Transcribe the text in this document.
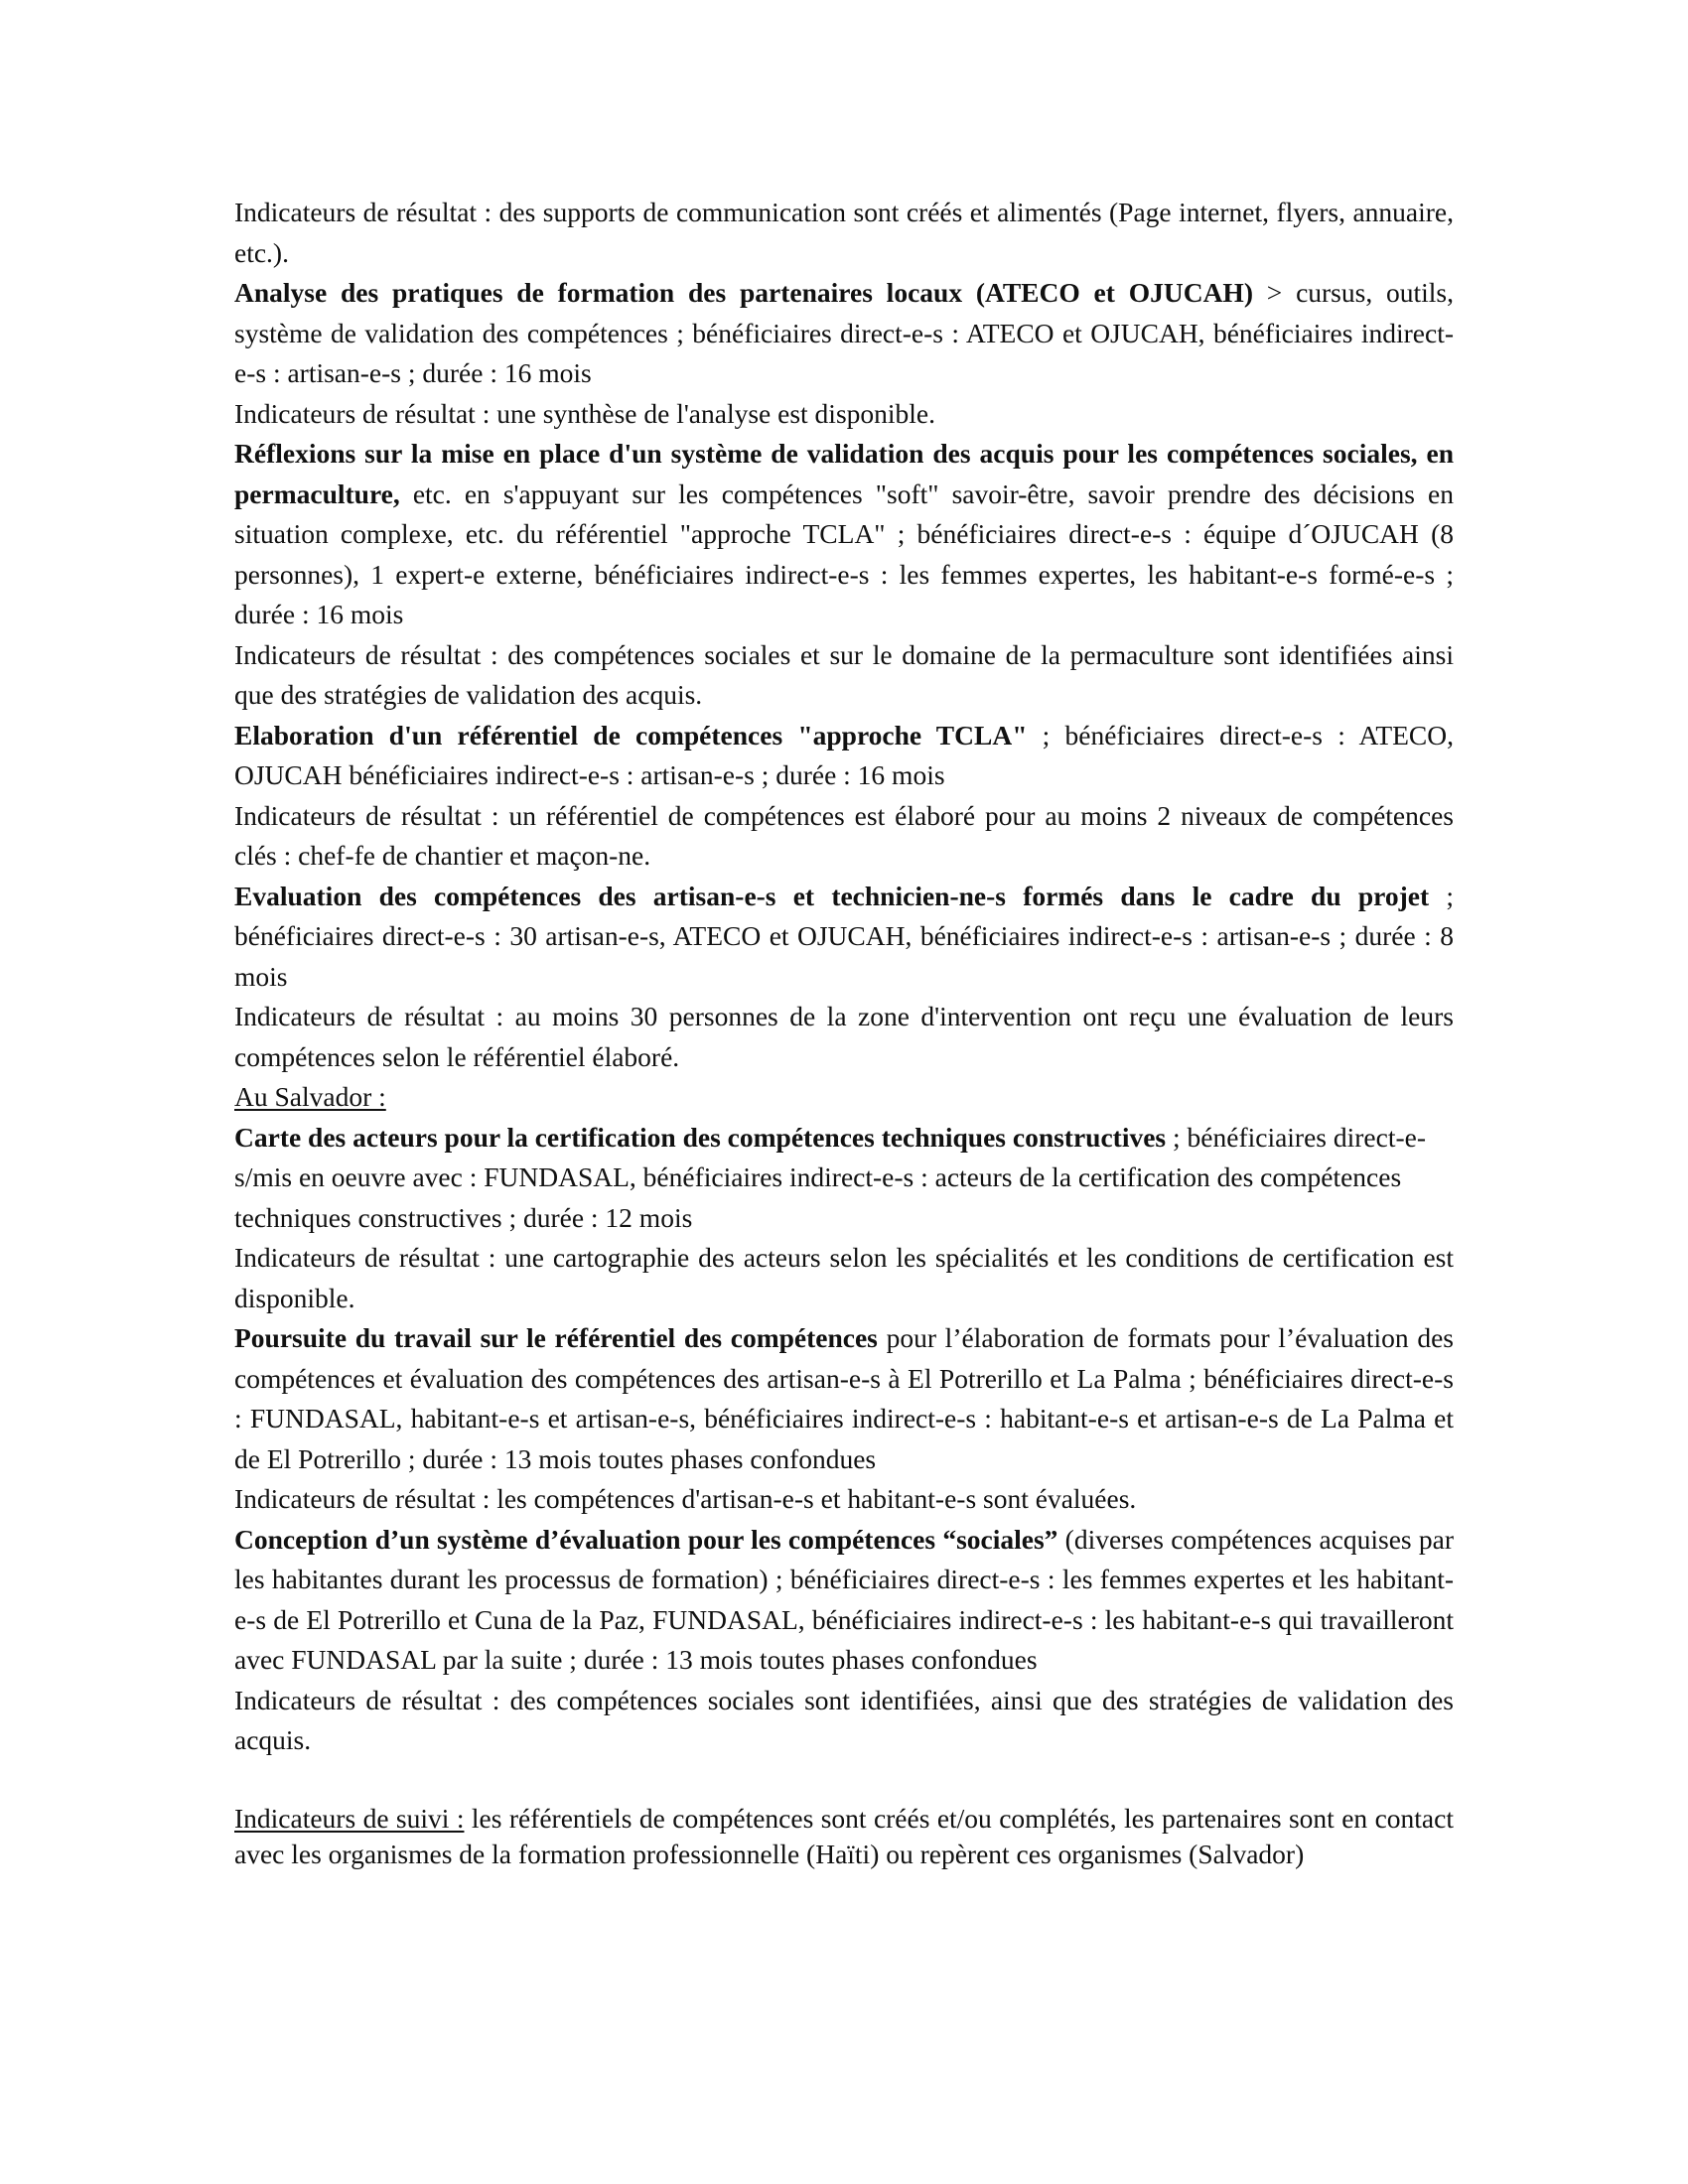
Indicateurs de résultat : des supports de communication sont créés et alimentés (Page internet, flyers, annuaire, etc.).

Analyse des pratiques de formation des partenaires locaux (ATECO et OJUCAH) > cursus, outils, système de validation des compétences ; bénéficiaires direct-e-s : ATECO et OJUCAH, bénéficiaires indirect-e-s : artisan-e-s ; durée : 16 mois

Indicateurs de résultat : une synthèse de l'analyse est disponible.

Réflexions sur la mise en place d'un système de validation des acquis pour les compétences sociales, en permaculture, etc. en s'appuyant sur les compétences "soft" savoir-être, savoir prendre des décisions en situation complexe, etc. du référentiel "approche TCLA" ; bénéficiaires direct-e-s : équipe d´OJUCAH (8 personnes), 1 expert-e externe, bénéficiaires indirect-e-s : les femmes expertes, les habitant-e-s formé-e-s ; durée : 16 mois

Indicateurs de résultat : des compétences sociales et sur le domaine de la permaculture sont identifiées ainsi que des stratégies de validation des acquis.

Elaboration d'un référentiel de compétences "approche TCLA" ; bénéficiaires direct-e-s : ATECO, OJUCAH bénéficiaires indirect-e-s : artisan-e-s ; durée : 16 mois

Indicateurs de résultat : un référentiel de compétences est élaboré pour au moins 2 niveaux de compétences clés : chef-fe de chantier et maçon-ne.

Evaluation des compétences des artisan-e-s et technicien-ne-s formés dans le cadre du projet ; bénéficiaires direct-e-s : 30 artisan-e-s, ATECO et OJUCAH, bénéficiaires indirect-e-s : artisan-e-s ; durée : 8 mois

Indicateurs de résultat : au moins 30 personnes de la zone d'intervention ont reçu une évaluation de leurs compétences selon le référentiel élaboré.

Au Salvador :

Carte des acteurs pour la certification des compétences techniques constructives ; bénéficiaires direct-e-s/mis en oeuvre avec : FUNDASAL, bénéficiaires indirect-e-s : acteurs de la certification des compétences techniques constructives ; durée : 12 mois

Indicateurs de résultat : une cartographie des acteurs selon les spécialités et les conditions de certification est disponible.

Poursuite du travail sur le référentiel des compétences pour l’élaboration de formats pour l’évaluation des compétences et évaluation des compétences des artisan-e-s à El Potrerillo et La Palma ; bénéficiaires direct-e-s : FUNDASAL, habitant-e-s et artisan-e-s, bénéficiaires indirect-e-s : habitant-e-s et artisan-e-s de La Palma et de El Potrerillo ; durée : 13 mois toutes phases confondues

Indicateurs de résultat : les compétences d'artisan-e-s et habitant-e-s sont évaluées.

Conception d’un système d’évaluation pour les compétences “sociales” (diverses compétences acquises par les habitantes durant les processus de formation) ; bénéficiaires direct-e-s : les femmes expertes et les habitant-e-s de El Potrerillo et Cuna de la Paz, FUNDASAL, bénéficiaires indirect-e-s : les habitant-e-s qui travailleront avec FUNDASAL par la suite ; durée : 13 mois toutes phases confondues

Indicateurs de résultat : des compétences sociales sont identifiées, ainsi que des stratégies de validation des acquis.

Indicateurs de suivi : les référentiels de compétences sont créés et/ou complétés, les partenaires sont en contact avec les organismes de la formation professionnelle (Haïti) ou repèrent ces organismes (Salvador)
